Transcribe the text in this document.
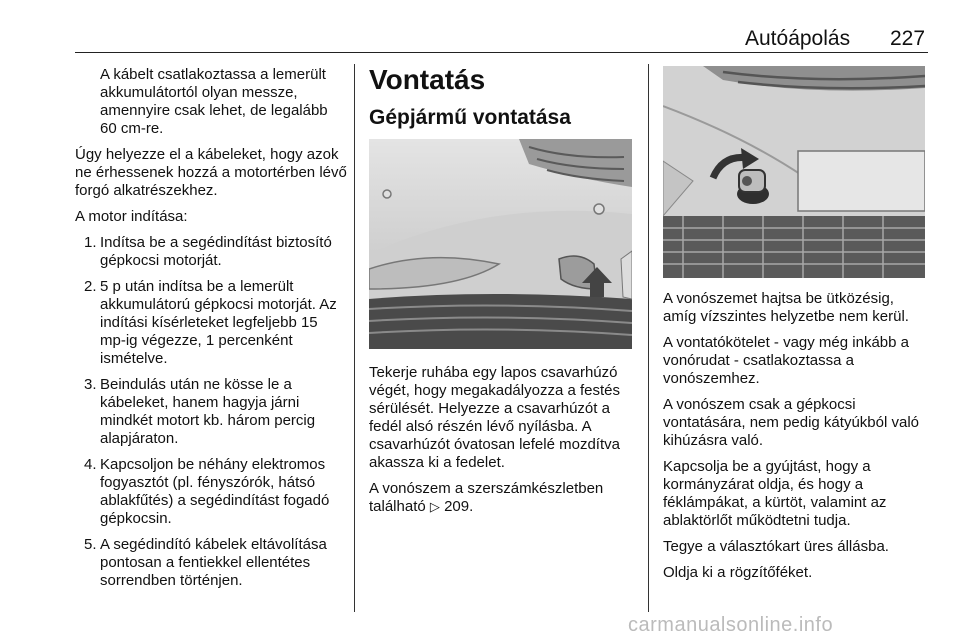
Autóápolás 227

A kábelt csatlakoztassa a lemerült akkumulátortól olyan messze, amennyire csak lehet, de legalább 60 cm-re.

Úgy helyezze el a kábeleket, hogy azok ne érhessenek hozzá a motortérben lévő forgó alkatrészekhez.

A motor indítása:

1. Indítsa be a segédindítást biztosító gépkocsi motorját.
2. 5 p után indítsa be a lemerült akkumulátorú gépkocsi motorját. Az indítási kísérleteket legfeljebb 15 mp-ig végezze, 1 percenként ismételve.
3. Beindulás után ne kösse le a kábeleket, hanem hagyja járni mindkét motort kb. három percig alapjáraton.
4. Kapcsoljon be néhány elektromos fogyasztót (pl. fényszórók, hátsó ablakfűtés) a segédindítást fogadó gépkocsin.
5. A segédindító kábelek eltávolítása pontosan a fentiekkel ellentétes sorrendben történjen.
Vontatás
Gépjármű vontatása

Tekerje ruhába egy lapos csavarhúzó végét, hogy megakadályozza a festés sérülését. Helyezze a csavarhúzót a fedél alsó részén lévő nyílásba. A csavarhúzót óvatosan lefelé mozdítva akassza ki a fedelet.

A vonószem a szerszámkészletben található ▷ 209.

A vonószemet hajtsa be ütközésig, amíg vízszintes helyzetbe nem kerül.

A vontatókötelet - vagy még inkább a vonórudat - csatlakoztassa a vonószemhez.

A vonószem csak a gépkocsi vontatására, nem pedig kátyúkból való kihúzásra való.

Kapcsolja be a gyújtást, hogy a kormányzárat oldja, és hogy a féklámpákat, a kürtöt, valamint az ablaktörlőt működtetni tudja.

Tegye a választókart üres állásba.

Oldja ki a rögzítőféket.

carmanualsonline.info
